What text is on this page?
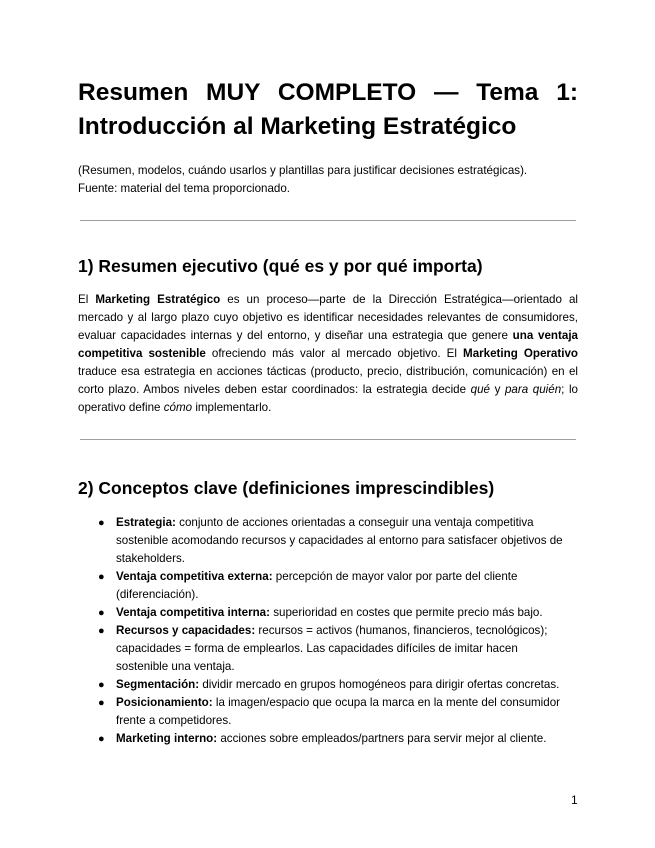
Resumen MUY COMPLETO — Tema 1: Introducción al Marketing Estratégico
(Resumen, modelos, cuándo usarlos y plantillas para justificar decisiones estratégicas).
Fuente: material del tema proporcionado.
1) Resumen ejecutivo (qué es y por qué importa)

El Marketing Estratégico es un proceso—parte de la Dirección Estratégica—orientado al mercado y al largo plazo cuyo objetivo es identificar necesidades relevantes de consumidores, evaluar capacidades internas y del entorno, y diseñar una estrategia que genere una ventaja competitiva sostenible ofreciendo más valor al mercado objetivo. El Marketing Operativo traduce esa estrategia en acciones tácticas (producto, precio, distribución, comunicación) en el corto plazo. Ambos niveles deben estar coordinados: la estrategia decide qué y para quién; lo operativo define cómo implementarlo.

2) Conceptos clave (definiciones imprescindibles)
● Estrategia: conjunto de acciones orientadas a conseguir una ventaja competitiva sostenible acomodando recursos y capacidades al entorno para satisfacer objetivos de stakeholders.
● Ventaja competitiva externa: percepción de mayor valor por parte del cliente (diferenciación).
● Ventaja competitiva interna: superioridad en costes que permite precio más bajo.
● Recursos y capacidades: recursos = activos (humanos, financieros, tecnológicos); capacidades = forma de emplearlos. Las capacidades difíciles de imitar hacen sostenible una ventaja.
● Segmentación: dividir mercado en grupos homogéneos para dirigir ofertas concretas.
● Posicionamiento: la imagen/espacio que ocupa la marca en la mente del consumidor frente a competidores.
● Marketing interno: acciones sobre empleados/partners para servir mejor al cliente.
1
